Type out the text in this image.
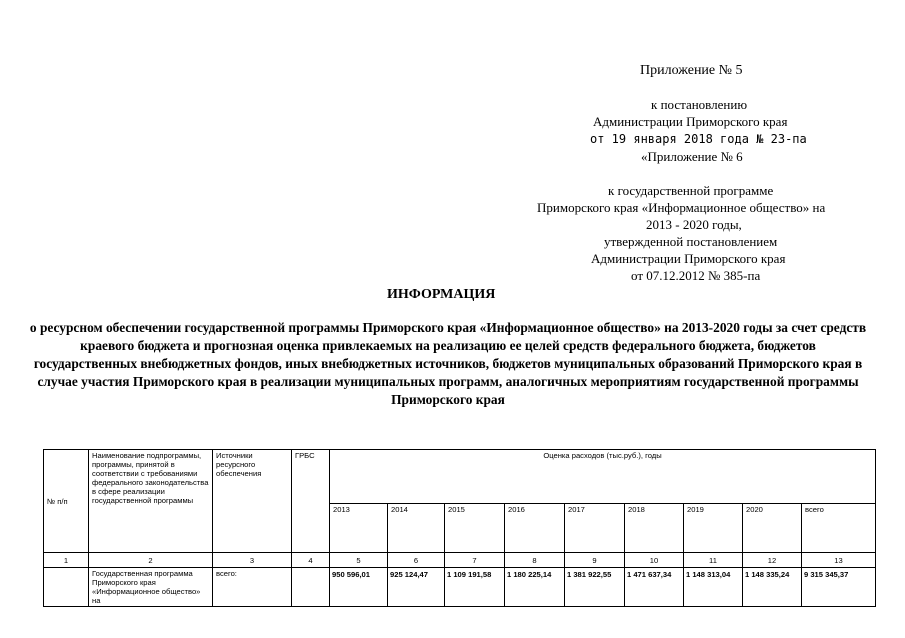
Приложение № 5
к постановлению
Администрации Приморского края
от 19 января 2018 года № 23-па
«Приложение № 6
к государственной программе
Приморского края «Информационное общество» на
2013 - 2020 годы,
утвержденной постановлением
Администрации Приморского края
от 07.12.2012 № 385-па
ИНФОРМАЦИЯ
о ресурсном обеспечении государственной программы Приморского края «Информационное общество» на 2013-2020 годы за счет средств краевого бюджета и прогнозная оценка привлекаемых на реализацию ее целей средств федерального бюджета, бюджетов государственных внебюджетных фондов, иных внебюджетных источников, бюджетов муниципальных образований Приморского края в случае участия Приморского края в реализации муниципальных программ, аналогичных мероприятиям государственной программы Приморского края
№ п/п	Наименование подпрограммы, программы, принятой в соответствии с требованиями федерального законодательства в сфере реализации государственной программы	Источники ресурсного обеспечения	ГРБС	Оценка расходов (тыс.руб.), годы								
				2013	2014	2015	2016	2017	2018	2019	2020	всего
1	2	3	4	5	6	7	8	9	10	11	12	13
	Государственная программа Приморского края «Информационное общество» на	всего:		950 596,01	925 124,47	1 109 191,58	1 180 225,14	1 381 922,55	1 471 637,34	1 148 313,04	1 148 335,24	9 315 345,37
